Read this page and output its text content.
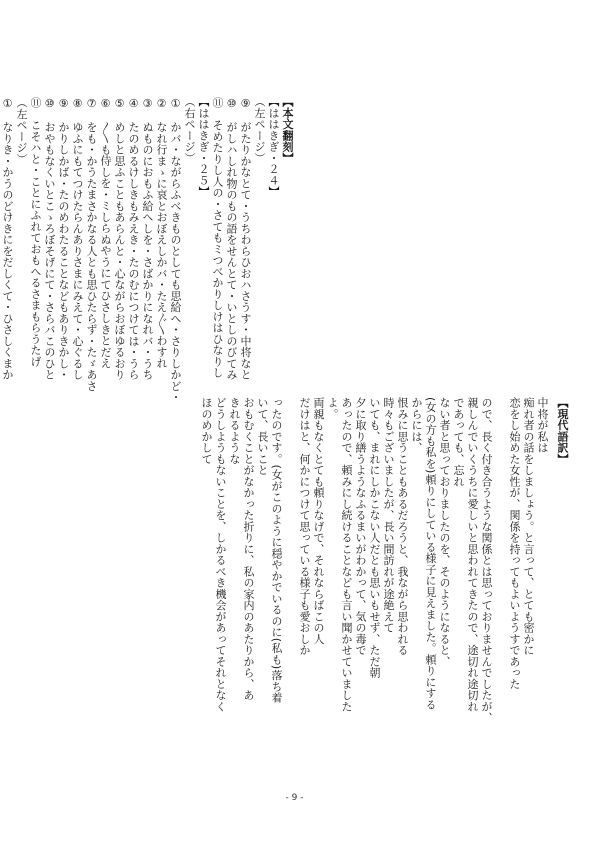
【本文翻刻】
【ははきぎ・２４】
（左ページ）
⑨　がたりかなとて・うちわらひおハさうす・中将なと
⑩　がしハしれ物のもの語をせんとて・いとしのびてみ
⑪　そめたりし人の・さてもミつべかりしけはひなりし
【ははきぎ・２５】
（右ページ）
①　かバ・ながらふべきものとしても思給へ・さりしかど・
②　なれ行まゝに哀とおぼえしかバ・たえ〴〵わすれ
③　ぬものにおもふ給へしを・さばかりになれバ・うち
④　たのめるけしきもみえき・たのむにつけては・うら
⑤　めしと思ふこともあらんと・心ながらおぼゆるおり
⑥　〳〵も侍しを・ミしらぬやうにてひさしきとだえ
⑦　をも・かうたまさかなる人とも思ひたらず・たゞあさ
⑧　ゆふにもてつけたらんありさまにみえて・心ぐるし
⑨　かりしかば・たのめわたることなどもありきかし・
⑩　おやもなくいとこゝろぼそげにて・さらバこのひと
⑪　こそハと・ことにふれておもへるさまもらうたげ
（左ページ）
①　なりき・かうのどけきにをだしくて・ひさしくまか
【現代語訳】
中将が私は
痴れ者の話をしましょう。と言って、とても密かに
恋をし始めた女性が、関係を持ってもよいようすであった
ので、長く付き合うような関係とは思っておりませんでしたが、
親しんでいくうちに愛しいと思われてきたので、途切れ途切れ
であっても、忘れ
ない者と思っておりましたのを、そのようになると、
(女の方も私を)頼りにしている様子に見えました。頼りにする
からには、
恨みに思うこともあるだろうと、我ながら思われる
時々もございましたが、長い間訪れが途絶えて
いても、まれにしかこない人だとも思いもせず、ただ朝
夕に取り繕うようなふるまいがわかって、気の毒で
あったので、頼みにし続けることなども言い聞かせていました
よ。
両親もなくとても頼りなげで、それならばこの人
だけはと、何かにつけて思っている様子も愛おしか
ったのです。(女がこのように穏やかでいるのに(私も)落ち着
いて、長いこと
おもむくことがなかった折りに、私の家内のあたりから、あ
きれるような
どうしようもないことを、しかるべき機会があってそれとなく
ほのめかして
- 9 -
